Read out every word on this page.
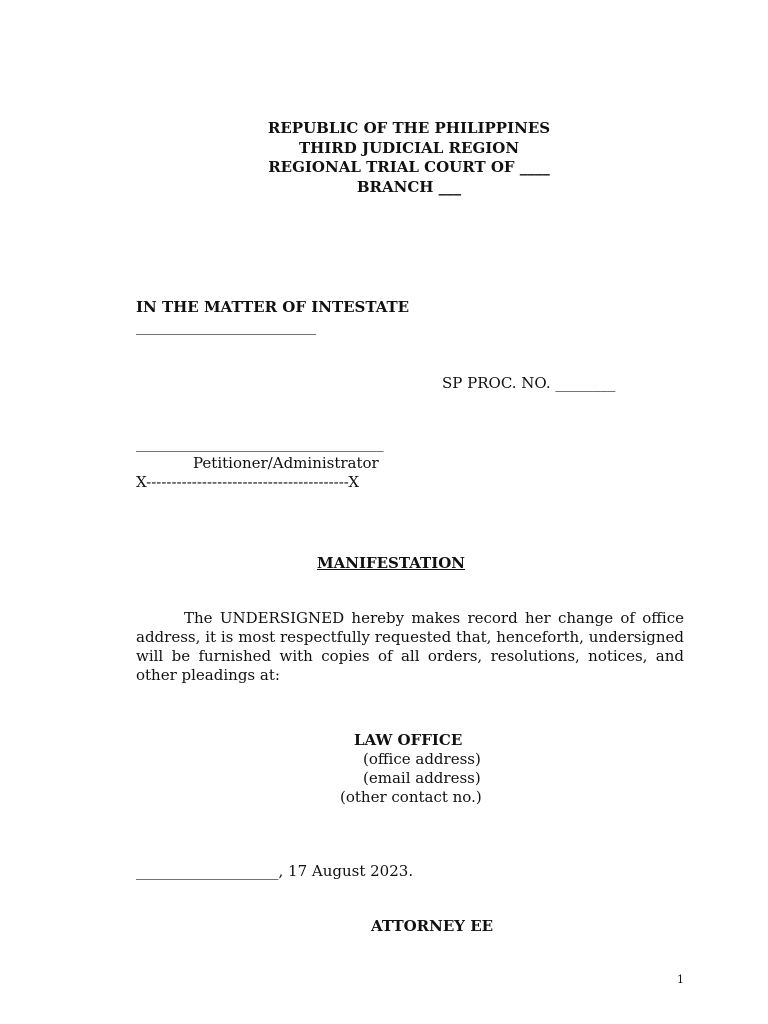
REPUBLIC OF THE PHILIPPINES
THIRD JUDICIAL REGION
REGIONAL TRIAL COURT OF ____
BRANCH ___
IN THE MATTER OF INTESTATE
________________________
SP PROC. NO. ________
_________________________________
Petitioner/Administrator
X----------------------------------------X
MANIFESTATION
The UNDERSIGNED hereby makes record her change of office address, it is most respectfully requested that, henceforth, undersigned will be furnished with copies of all orders, resolutions, notices, and other pleadings at:
LAW OFFICE
(office address)
(email address)
(other contact no.)
___________________, 17 August 2023.
ATTORNEY EE
1
